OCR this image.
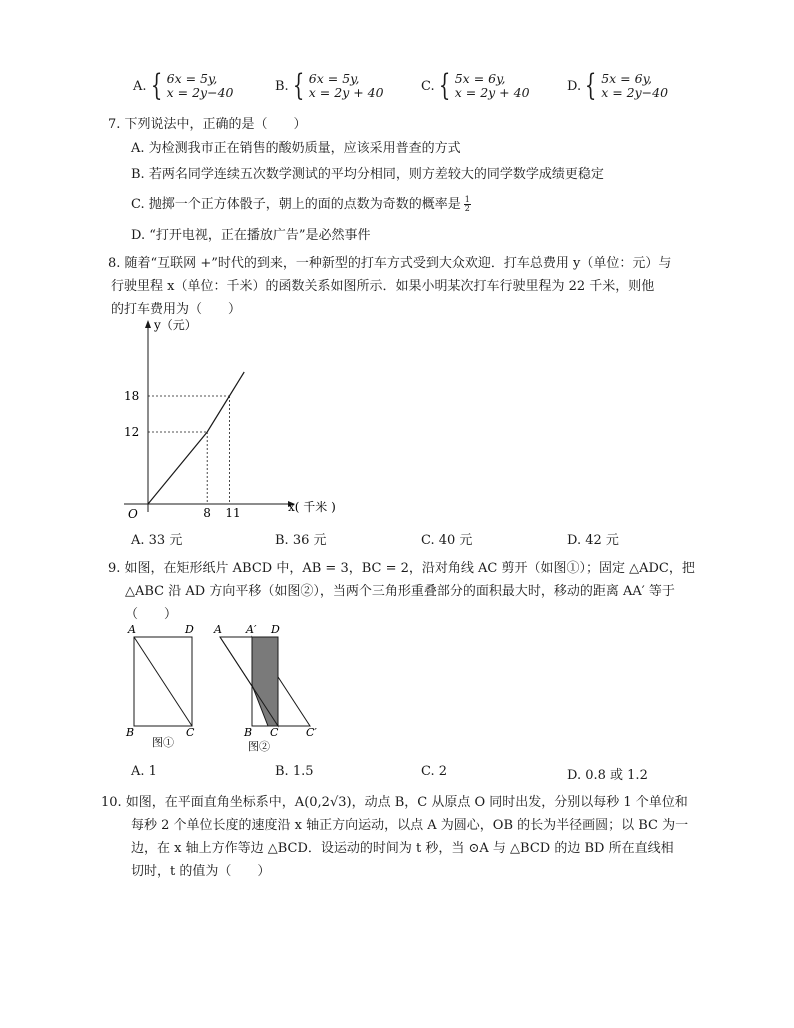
A. { 6x = 5y,
x = 2y−40	B. { 6x = 5y,
x = 2y + 40	C. { 5x = 6y,
x = 2y + 40	D. { 5x = 6y,
x = 2y−40
7. 下列说法中，正确的是（　　）
A. 为检测我市正在销售的酸奶质量，应该采用普查的方式
B. 若两名同学连续五次数学测试的平均分相同，则方差较大的同学数学成绩更稳定
C. 抛掷一个正方体骰子，朝上的面的点数为奇数的概率是 $\frac{1}{2}$
D. “打开电视，正在播放广告”是必然事件
8. 随着“互联网 +”时代的到来，一种新型的打车方式受到大众欢迎．打车总费用 y（单位：元）与
行驶里程 x（单位：千米）的函数关系如图所示．如果小明某次打车行驶里程为 22 千米，则他
的打车费用为（　　）
8 11
12
18
y（元）
x( 千米 )
O
A. 33 元	B. 36 元	C. 40 元	D. 42 元
9. 如图，在矩形纸片 ABCD 中，AB = 3，BC = 2，沿对角线 AC 剪开（如图①）；固定 △ADC，把
△ABC 沿 AD 方向平移（如图②），当两个三角形重叠部分的面积最大时，移动的距离 AA′ 等于
（　　）
A	D
B	C
图①
A A′ D
B C	C′
图②
A. 1	B. 1.5	C. 2	D. 0.8 或 1.2
10. 如图，在平面直角坐标系中，A(0,2√3)，动点 B，C 从原点 O 同时出发，分别以每秒 1 个单位和
每秒 2 个单位长度的速度沿 x 轴正方向运动，以点 A 为圆心，OB 的长为半径画圆；以 BC 为一
边，在 x 轴上方作等边 △BCD．设运动的时间为 t 秒，当 ⊙A 与 △BCD 的边 BD 所在直线相
切时，t 的值为（　　）
